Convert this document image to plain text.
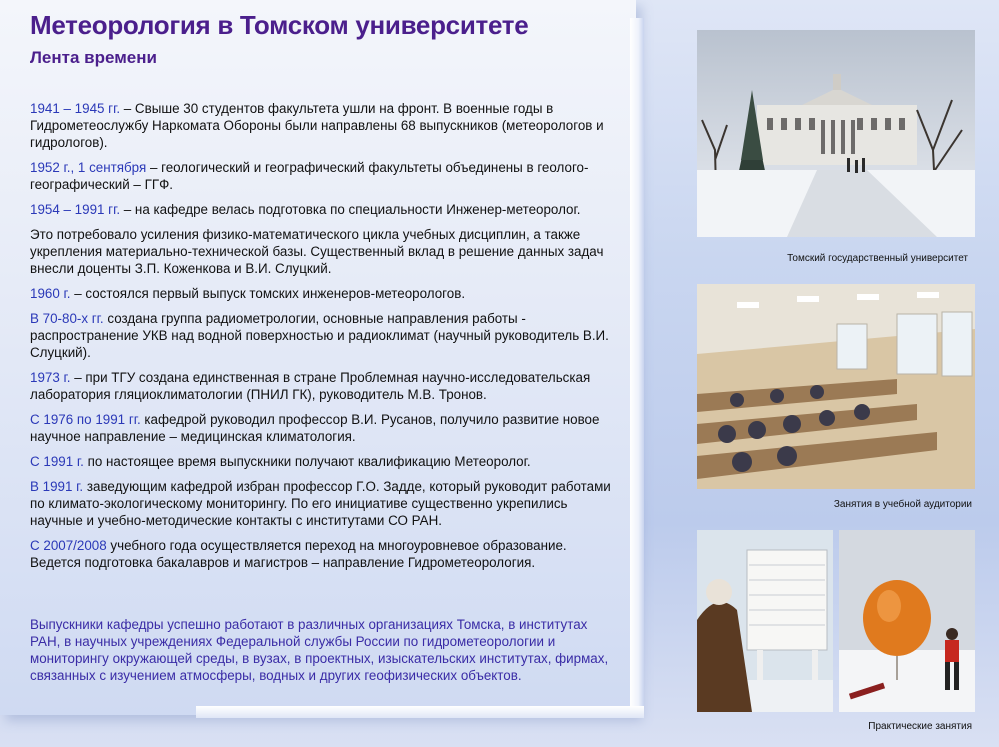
Метеорология в Томском университете
Лента времени

1941 – 1945 гг. – Свыше 30 студентов факультета ушли на фронт. В военные годы в Гидрометеослужбу Наркомата Обороны были направлены 68 выпускников (метеорологов и гидрологов).

1952 г., 1 сентября – геологический и географический факультеты объединены в геолого-географический – ГГФ.

1954 – 1991 гг. – на кафедре велась подготовка по специальности Инженер-метеоролог.

Это потребовало усиления физико-математического цикла учебных дисциплин, а также укрепления материально-технической базы. Существенный вклад в решение данных задач внесли доценты З.П. Коженкова и В.И. Слуцкий.

1960 г. – состоялся первый выпуск томских инженеров-метеорологов.

В 70-80-х гг. создана группа радиометрологии, основные направления работы - распространение УКВ над водной поверхностью и радиоклимат (научный руководитель В.И. Слуцкий).

1973 г. – при ТГУ создана единственная в стране Проблемная научно-исследовательская лаборатория гляциоклиматологии (ПНИЛ ГК), руководитель М.В. Тронов.

С 1976 по 1991 гг. кафедрой руководил профессор В.И. Русанов, получило развитие новое научное направление – медицинская климатология.

С 1991 г. по настоящее время выпускники получают квалификацию Метеоролог.

В 1991 г. заведующим кафедрой избран профессор Г.О. Задде, который руководит работами по климато-экологическому мониторингу. По его инициативе существенно укрепились научные и учебно-методические контакты с институтами СО РАН.

С 2007/2008 учебного года осуществляется переход на многоуровневое образование. Ведется подготовка бакалавров и магистров – направление Гидрометеорология.

Выпускники кафедры успешно работают в различных организациях Томска, в институтах РАН, в научных учреждениях Федеральной службы России по гидрометеорологии и мониторингу окружающей среды, в вузах, в проектных, изыскательских институтах, фирмах, связанных с изучением атмосферы, водных и других геофизических объектов.

Томский государственный университет

Занятия в учебной аудитории

Практические занятия
